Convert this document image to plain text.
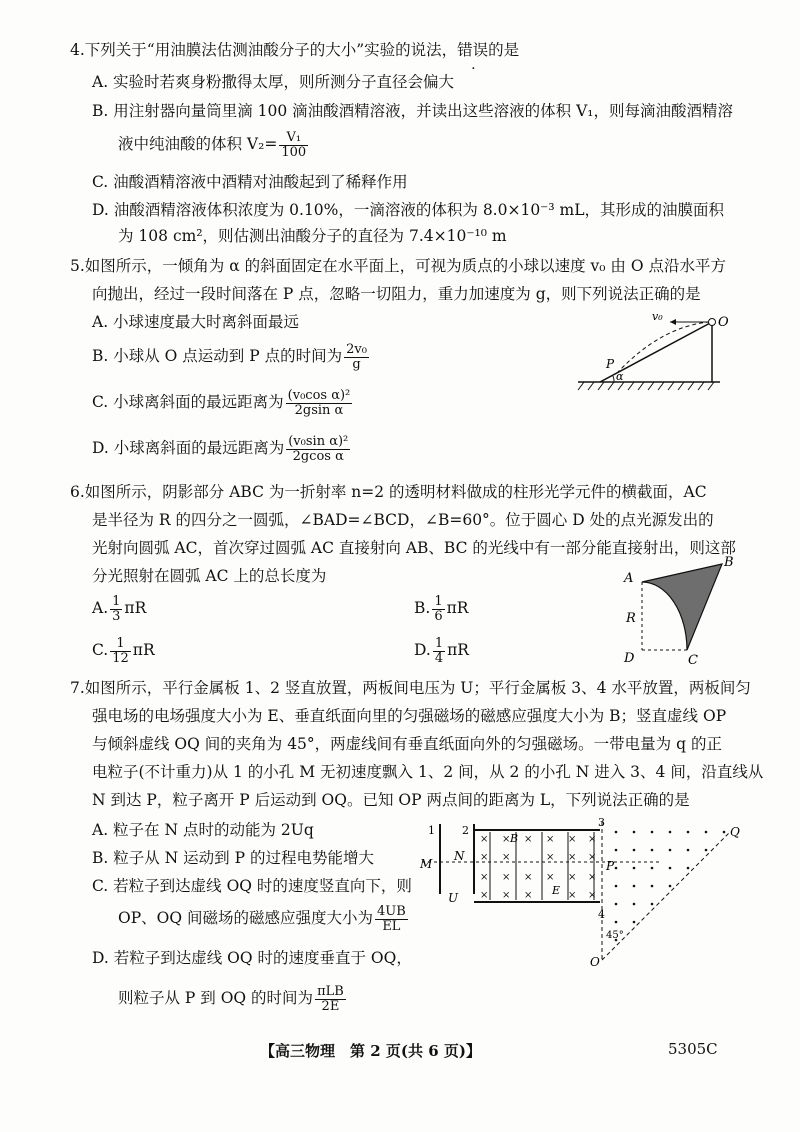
4.下列关于“用油膜法估测油酸分子的大小”实验的说法，错误的是
A. 实验时若爽身粉撒得太厚，则所测分子直径会偏大
B. 用注射器向量筒里滴 100 滴油酸酒精溶液，并读出这些溶液的体积 V₁，则每滴油酸酒精溶
液中纯油酸的体积 $V_2= \frac{\text{V₁}}{100}$
C. 油酸酒精溶液中酒精对油酸起到了稀释作用
D. 油酸酒精溶液体积浓度为 0.10%，一滴溶液的体积为 8.0×10⁻³ mL，其形成的油膜面积
为 108 cm²，则估测出油酸分子的直径为 7.4×10⁻¹⁰ m
5.如图所示，一倾角为 α 的斜面固定在水平面上，可视为质点的小球以速度 v₀ 由 O 点沿水平方
向抛出，经过一段时间落在 P 点，忽略一切阻力，重力加速度为 g，则下列说法正确的是
A. 小球速度最大时离斜面最远
B. 小球从 O 点运动到 P 点的时间为 $\frac{\text{2v₀}}{g}$
C. 小球离斜面的最远距离为 $\frac{\text{(v₀cos α)²}}{\text{2gsin α}}$
D. 小球离斜面的最远距离为 $\frac{\text{(v₀sin α)²}}{\text{2gcos α}}$
v₀	O
P
α
6.如图所示，阴影部分 ABC 为一折射率 n=2 的透明材料做成的柱形光学元件的横截面，AC
是半径为 R 的四分之一圆弧，∠BAD=∠BCD，∠B=60°。位于圆心 D 处的点光源发出的
光射向圆弧 AC，首次穿过圆弧 AC 直接射向 AB、BC 的光线中有一部分能直接射出，则这部
分光照射在圆弧 AC 上的总长度为
A. $\frac{1}{3}$ πR	B. $\frac{1}{6}$ πR
C. $\frac{1}{12}$ πR	D. $\frac{1}{4}$ πR
A
B
C
D
R
7.如图所示，平行金属板 1、2 竖直放置，两板间电压为 U；平行金属板 3、4 水平放置，两板间匀
强电场的电场强度大小为 E、垂直纸面向里的匀强磁场的磁感应强度大小为 B；竖直虚线 OP
与倾斜虚线 OQ 间的夹角为 45°，两虚线间有垂直纸面向外的匀强磁场。一带电量为 q 的正
电粒子(不计重力)从 1 的小孔 M 无初速度飘入 1、2 间，从 2 的小孔 N 进入 3、4 间，沿直线从
N 到达 P，粒子离开 P 后运动到 OQ。已知 OP 两点间的距离为 L，下列说法正确的是
A. 粒子在 N 点时的动能为 2Uq
B. 粒子从 N 运动到 P 的过程电势能增大
C. 若粒子到达虚线 OQ 时的速度竖直向下，则
OP、OQ 间磁场的磁感应强度大小为 $\frac{4UB}{EL}$
D. 若粒子到达虚线 OQ 时的速度垂直于 OQ，
则粒子从 P 到 OQ 的时间为 $\frac{\text{πLB}}{2E}$
× × × × × ×
× ×	× × ×
× × × × × ×
× × ×	× ×
1 2
3
4
M
N
U
B
E
P
Q
O
45°
【高三物理　第 2 页(共 6 页)】	5305C
